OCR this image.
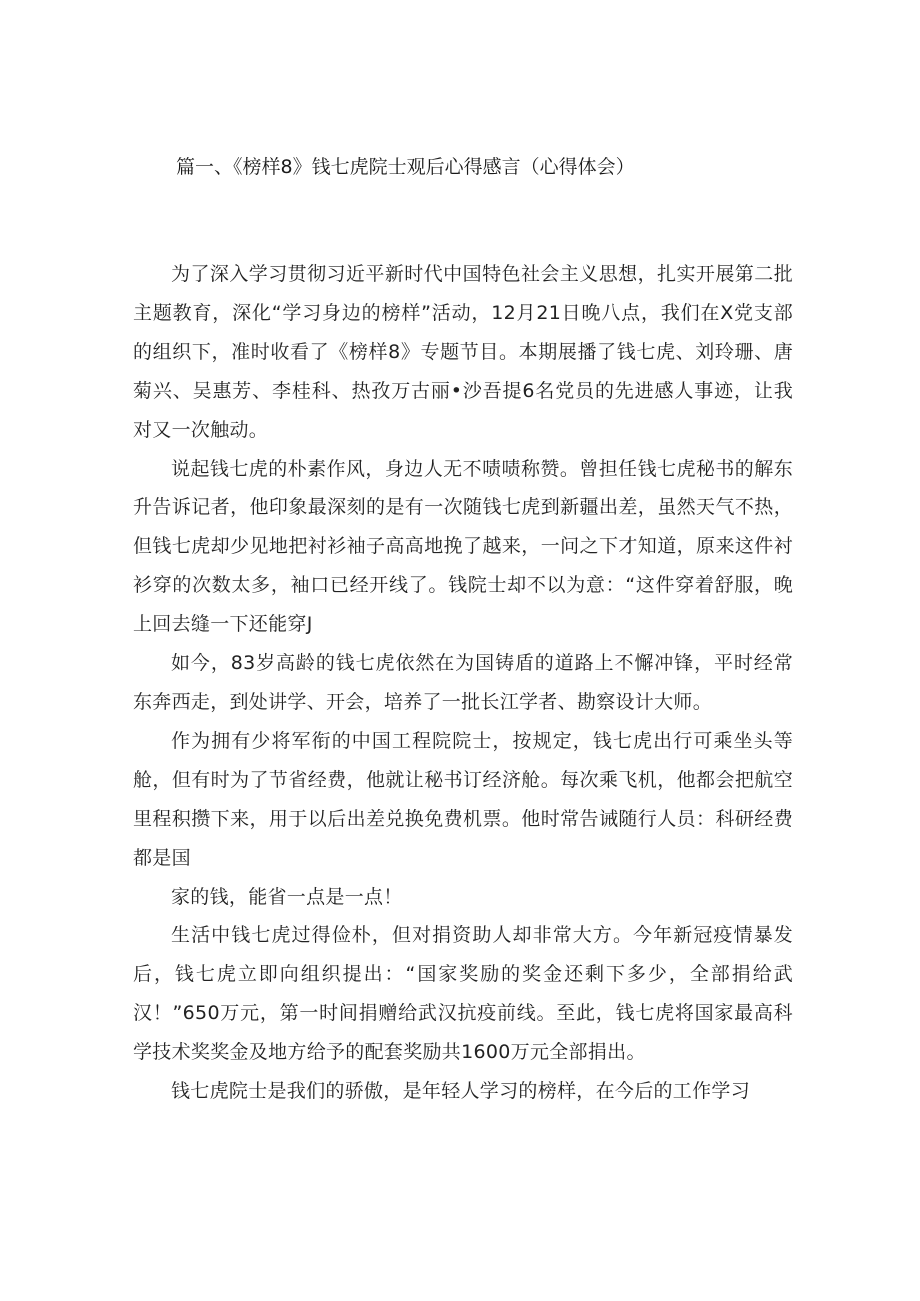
篇一、《榜样8》钱七虎院士观后心得感言（心得体会）

为了深入学习贯彻习近平新时代中国特色社会主义思想，扎实开展第二批主题教育，深化“学习身边的榜样”活动，12月21日晚八点，我们在X党支部的组织下，准时收看了《榜样8》专题节目。本期展播了钱七虎、刘玲珊、唐菊兴、吴惠芳、李桂科、热孜万古丽•沙吾提6名党员的先进感人事迹，让我对又一次触动。

说起钱七虎的朴素作风，身边人无不啧啧称赞。曾担任钱七虎秘书的解东升告诉记者，他印象最深刻的是有一次随钱七虎到新疆出差，虽然天气不热，但钱七虎却少见地把衬衫袖子高高地挽了越来，一问之下才知道，原来这件衬衫穿的次数太多，袖口已经开线了。钱院士却不以为意：“这件穿着舒服，晚上回去缝一下还能穿J

如今，83岁高龄的钱七虎依然在为国铸盾的道路上不懈冲锋，平时经常东奔西走，到处讲学、开会，培养了一批长江学者、勘察设计大师。

作为拥有少将军衔的中国工程院院士，按规定，钱七虎出行可乘坐头等舱，但有时为了节省经费，他就让秘书订经济舱。每次乘飞机，他都会把航空里程积攒下来，用于以后出差兑换免费机票。他时常告诫随行人员：科研经费都是国

家的钱，能省一点是一点！

生活中钱七虎过得俭朴，但对捐资助人却非常大方。今年新冠疫情暴发后，钱七虎立即向组织提出：“国家奖励的奖金还剩下多少，全部捐给武汉！”650万元，第一时间捐赠给武汉抗疫前线。至此，钱七虎将国家最高科学技术奖奖金及地方给予的配套奖励共1600万元全部捐出。

钱七虎院士是我们的骄傲，是年轻人学习的榜样，在今后的工作学习
